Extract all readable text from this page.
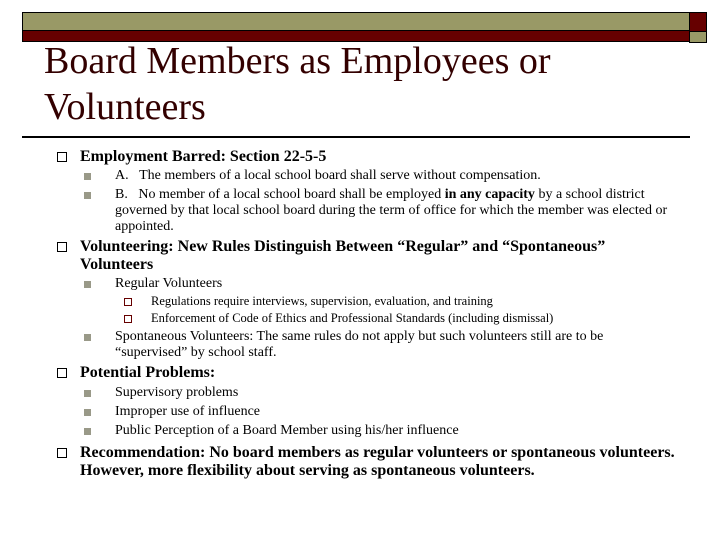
Board Members as Employees or Volunteers
Employment Barred: Section 22-5-5
A. The members of a local school board shall serve without compensation.
B. No member of a local school board shall be employed in any capacity by a school district governed by that local school board during the term of office for which the member was elected or appointed.
Volunteering: New Rules Distinguish Between “Regular” and “Spontaneous” Volunteers
Regular Volunteers
Regulations require interviews, supervision, evaluation, and training
Enforcement of Code of Ethics and Professional Standards (including dismissal)
Spontaneous Volunteers: The same rules do not apply but such volunteers still are to be “supervised” by school staff.
Potential Problems:
Supervisory problems
Improper use of influence
Public Perception of a Board Member using his/her influence
Recommendation: No board members as regular volunteers or spontaneous volunteers. However, more flexibility about serving as spontaneous volunteers.
